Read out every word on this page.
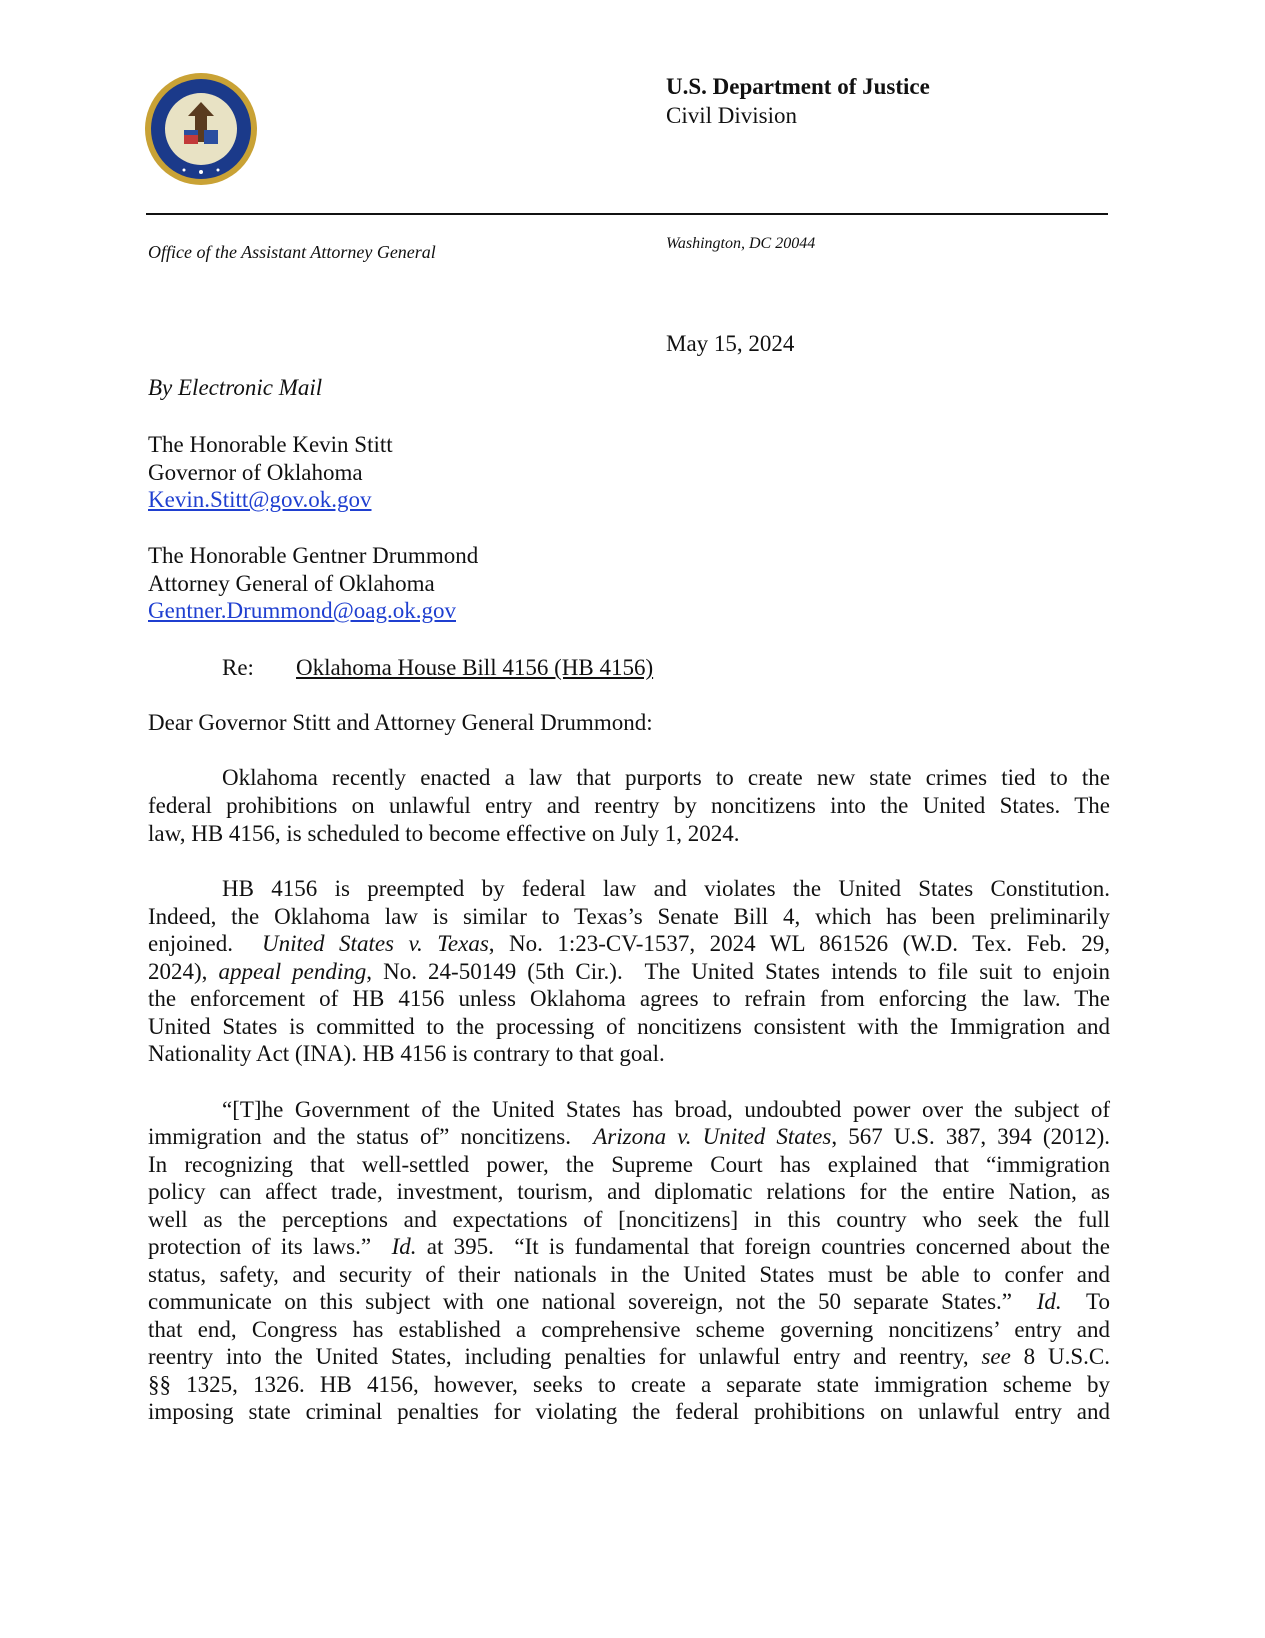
U.S. Department of Justice
Civil Division
Office of the Assistant Attorney General	Washington, DC 20044
May 15, 2024
By Electronic Mail
The Honorable Kevin Stitt
Governor of Oklahoma
Kevin.Stitt@gov.ok.gov
The Honorable Gentner Drummond
Attorney General of Oklahoma
Gentner.Drummond@oag.ok.gov
Re: Oklahoma House Bill 4156 (HB 4156)
Dear Governor Stitt and Attorney General Drummond:
Oklahoma recently enacted a law that purports to create new state crimes tied to the
federal prohibitions on unlawful entry and reentry by noncitizens into the United States. The
law, HB 4156, is scheduled to become effective on July 1, 2024.
HB 4156 is preempted by federal law and violates the United States Constitution.
Indeed, the Oklahoma law is similar to Texas’s Senate Bill 4, which has been preliminarily
enjoined.  United States v. Texas, No. 1:23-CV-1537, 2024 WL 861526 (W.D. Tex. Feb. 29,
2024), appeal pending, No. 24-50149 (5th Cir.).  The United States intends to file suit to enjoin
the enforcement of HB 4156 unless Oklahoma agrees to refrain from enforcing the law. The
United States is committed to the processing of noncitizens consistent with the Immigration and
Nationality Act (INA). HB 4156 is contrary to that goal.
“[T]he Government of the United States has broad, undoubted power over the subject of
immigration and the status of” noncitizens.  Arizona v. United States, 567 U.S. 387, 394 (2012).
In recognizing that well-settled power, the Supreme Court has explained that “immigration
policy can affect trade, investment, tourism, and diplomatic relations for the entire Nation, as
well as the perceptions and expectations of [noncitizens] in this country who seek the full
protection of its laws.”  Id. at 395.  “It is fundamental that foreign countries concerned about the
status, safety, and security of their nationals in the United States must be able to confer and
communicate on this subject with one national sovereign, not the 50 separate States.”  Id.  To
that end, Congress has established a comprehensive scheme governing noncitizens’ entry and
reentry into the United States, including penalties for unlawful entry and reentry, see 8 U.S.C.
§§ 1325, 1326. HB 4156, however, seeks to create a separate state immigration scheme by
imposing state criminal penalties for violating the federal prohibitions on unlawful entry and
